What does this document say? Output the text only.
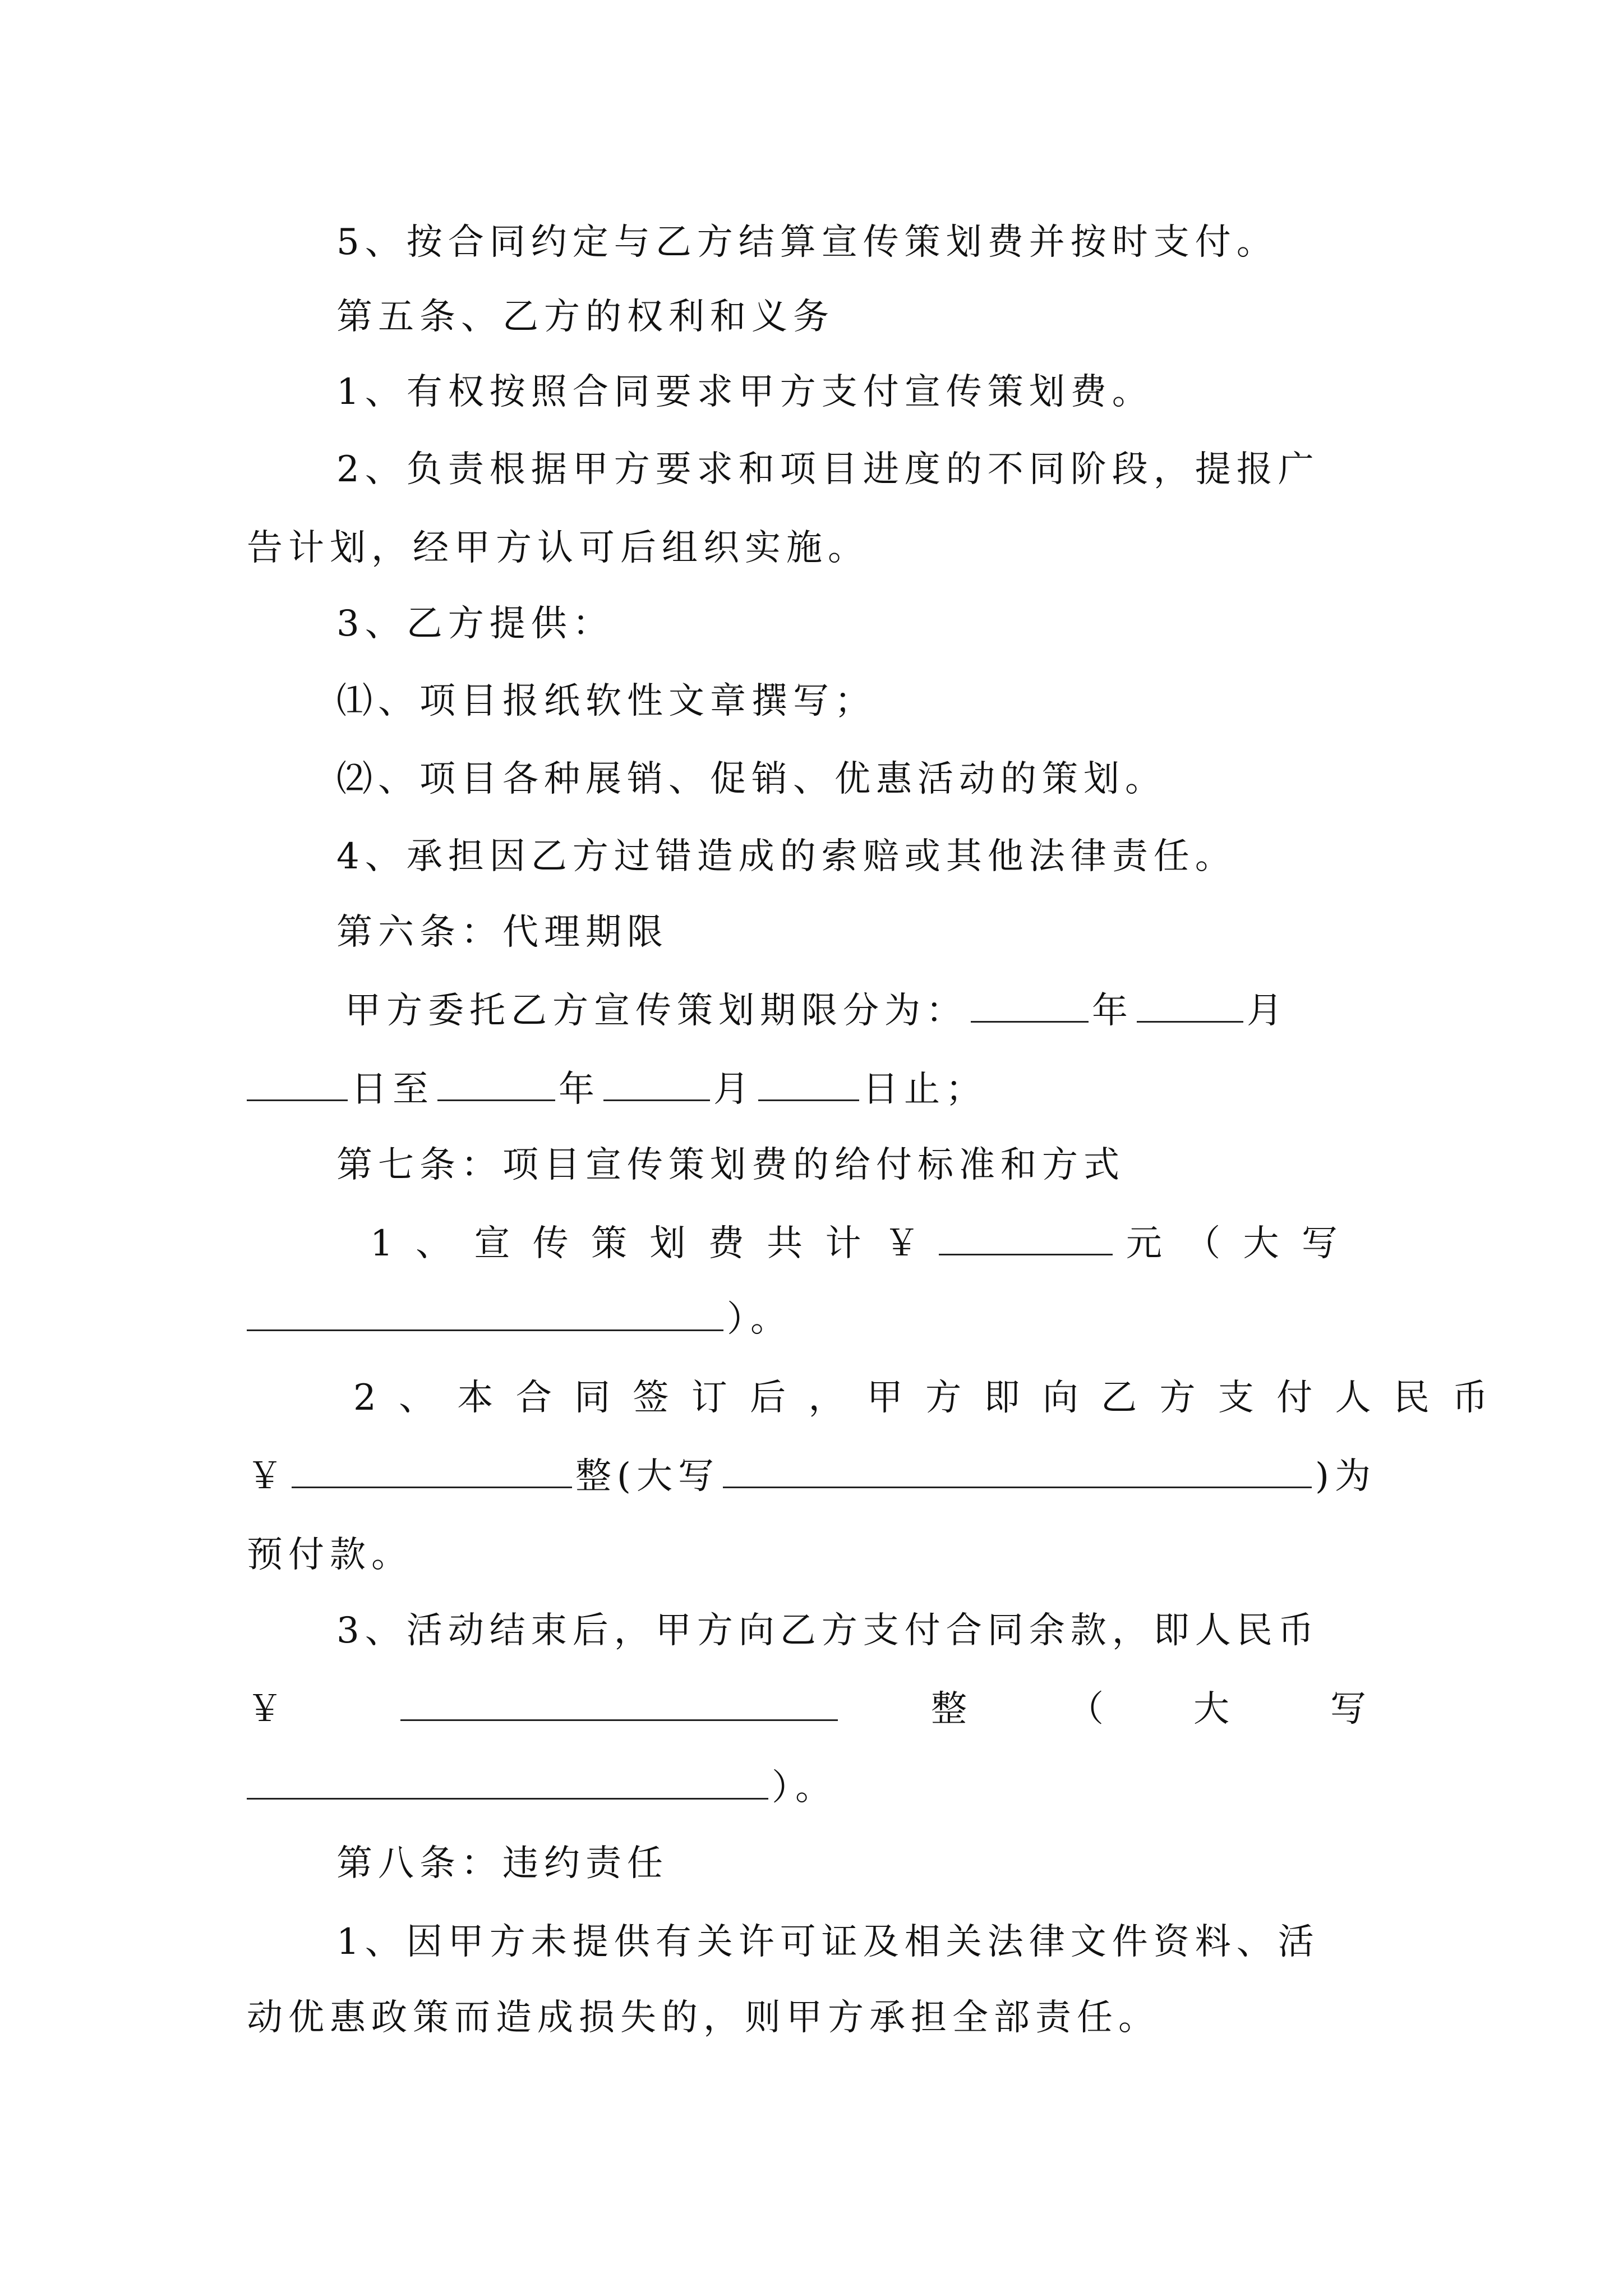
5、按合同约定与乙方结算宣传策划费并按时支付。
第五条、乙方的权利和义务
1、有权按照合同要求甲方支付宣传策划费。
2、负责根据甲方要求和项目进度的不同阶段，提报广
告计划，经甲方认可后组织实施。
3、乙方提供：
⑴、项目报纸软性文章撰写；
⑵、项目各种展销、促销、优惠活动的策划。
4、承担因乙方过错造成的索赔或其他法律责任。
第六条：代理期限
甲方委托乙方宣传策划期限分为：	年	月
日至	年	月	日止；
第七条：项目宣传策划费的给付标准和方式
1 、 宣 传 策 划 费 共 计 ￥	元 （ 大 写
）。
2 、 本 合 同 签 订 后 ， 甲 方 即 向 乙 方 支 付 人 民 币
￥	整(大写	)为
预付款。
3、活动结束后，甲方向乙方支付合同余款，即人民币
￥	整	（ 大	写
）。
第八条：违约责任
1、因甲方未提供有关许可证及相关法律文件资料、活
动优惠政策而造成损失的，则甲方承担全部责任。
